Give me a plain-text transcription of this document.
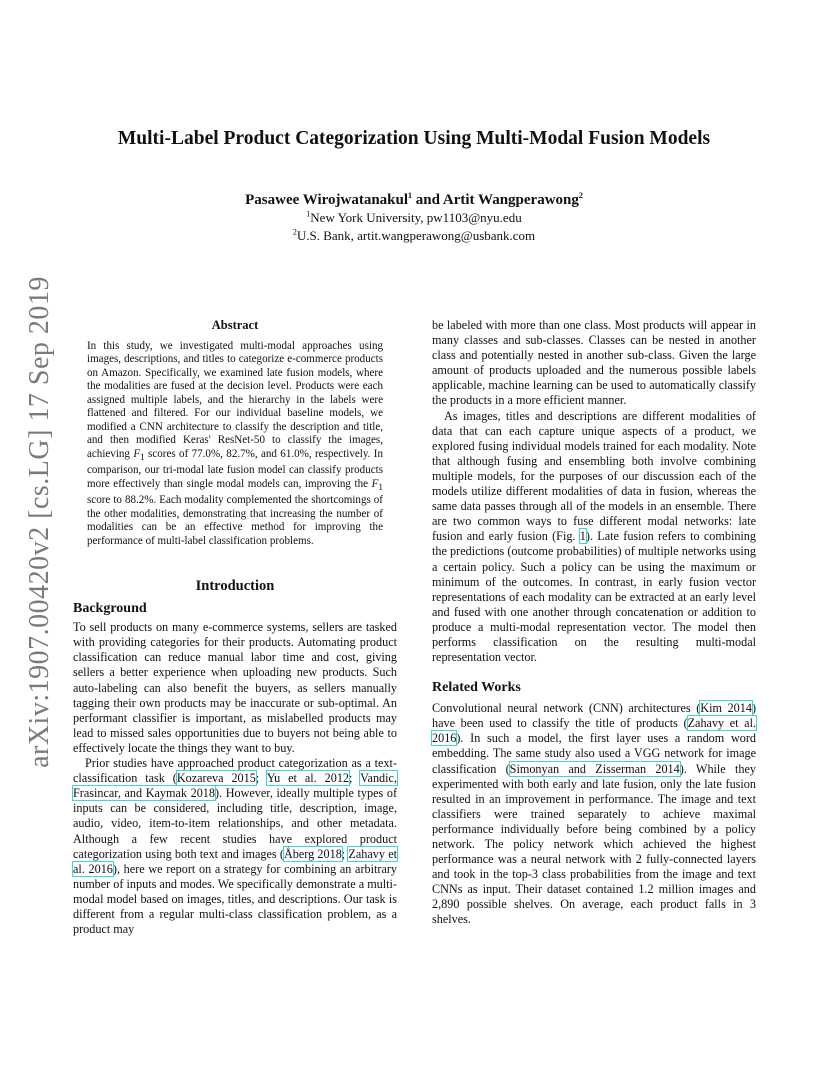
arXiv:1907.00420v2 [cs.LG] 17 Sep 2019
Multi-Label Product Categorization Using Multi-Modal Fusion Models
Pasawee Wirojwatanakul$^1$ and Artit Wangperawong$^2$
$^1$New York University, pw1103@nyu.edu
$^2$U.S. Bank, artit.wangperawong@usbank.com
Abstract

In this study, we investigated multi-modal approaches using images, descriptions, and titles to categorize e-commerce products on Amazon. Specifically, we examined late fusion models, where the modalities are fused at the decision level. Products were each assigned multiple labels, and the hierarchy in the labels were flattened and filtered. For our individual baseline models, we modified a CNN architecture to classify the description and title, and then modified Keras' ResNet-50 to classify the images, achieving $F_1$ scores of 77.0%, 82.7%, and 61.0%, respectively. In comparison, our tri-modal late fusion model can classify products more effectively than single modal models can, improving the $F_1$ score to 88.2%. Each modality complemented the shortcomings of the other modalities, demonstrating that increasing the number of modalities can be an effective method for improving the performance of multi-label classification problems.

Introduction
Background

To sell products on many e-commerce systems, sellers are tasked with providing categories for their products. Automating product classification can reduce manual labor time and cost, giving sellers a better experience when uploading new products. Such auto-labeling can also benefit the buyers, as sellers manually tagging their own products may be inaccurate or sub-optimal. An performant classifier is important, as mislabelled products may lead to missed sales opportunities due to buyers not being able to effectively locate the things they want to buy.

Prior studies have approached product categorization as a text-classification task (Kozareva 2015; Yu et al. 2012; Vandic, Frasincar, and Kaymak 2018). However, ideally multiple types of inputs can be considered, including title, description, image, audio, video, item-to-item relationships, and other metadata. Although a few recent studies have explored product categorization using both text and images (Åberg 2018; Zahavy et al. 2016), here we report on a strategy for combining an arbitrary number of inputs and modes. We specifically demonstrate a multi-modal model based on images, titles, and descriptions. Our task is different from a regular multi-class classification problem, as a product may

be labeled with more than one class. Most products will appear in many classes and sub-classes. Classes can be nested in another class and potentially nested in another sub-class. Given the large amount of products uploaded and the numerous possible labels applicable, machine learning can be used to automatically classify the products in a more efficient manner.

As images, titles and descriptions are different modalities of data that can each capture unique aspects of a product, we explored fusing individual models trained for each modality. Note that although fusing and ensembling both involve combining multiple models, for the purposes of our discussion each of the models utilize different modalities of data in fusion, whereas the same data passes through all of the models in an ensemble. There are two common ways to fuse different modal networks: late fusion and early fusion (Fig. 1). Late fusion refers to combining the predictions (outcome probabilities) of multiple networks using a certain policy. Such a policy can be using the maximum or minimum of the outcomes. In contrast, in early fusion vector representations of each modality can be extracted at an early level and fused with one another through concatenation or addition to produce a multi-modal representation vector. The model then performs classification on the resulting multi-modal representation vector.

Related Works

Convolutional neural network (CNN) architectures (Kim 2014) have been used to classify the title of products (Zahavy et al. 2016). In such a model, the first layer uses a random word embedding. The same study also used a VGG network for image classification (Simonyan and Zisserman 2014). While they experimented with both early and late fusion, only the late fusion resulted in an improvement in performance. The image and text classifiers were trained separately to achieve maximal performance individually before being combined by a policy network. The policy network which achieved the highest performance was a neural network with 2 fully-connected layers and took in the top-3 class probabilities from the image and text CNNs as input. Their dataset contained 1.2 million images and 2,890 possible shelves. On average, each product falls in 3 shelves.
